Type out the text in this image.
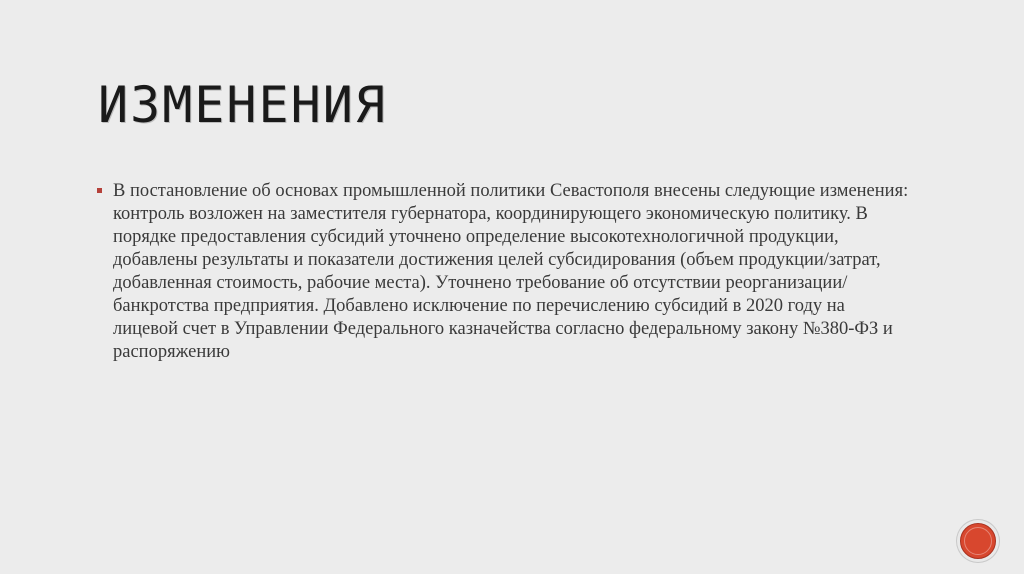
ИЗМЕНЕНИЯ

В постановление об основах промышленной политики Севастополя внесены следующие изменения: контроль возложен на заместителя губернатора, координирующего экономическую политику. В порядке предоставления субсидий уточнено определение высокотехнологичной продукции, добавлены результаты и показатели достижения целей субсидирования (объем продукции/затрат, добавленная стоимость, рабочие места). Уточнено требование об отсутствии реорганизации/банкротства предприятия. Добавлено исключение по перечислению субсидий в 2020 году на лицевой счет в Управлении Федерального казначейства согласно федеральному закону №380-ФЗ и распоряжению
